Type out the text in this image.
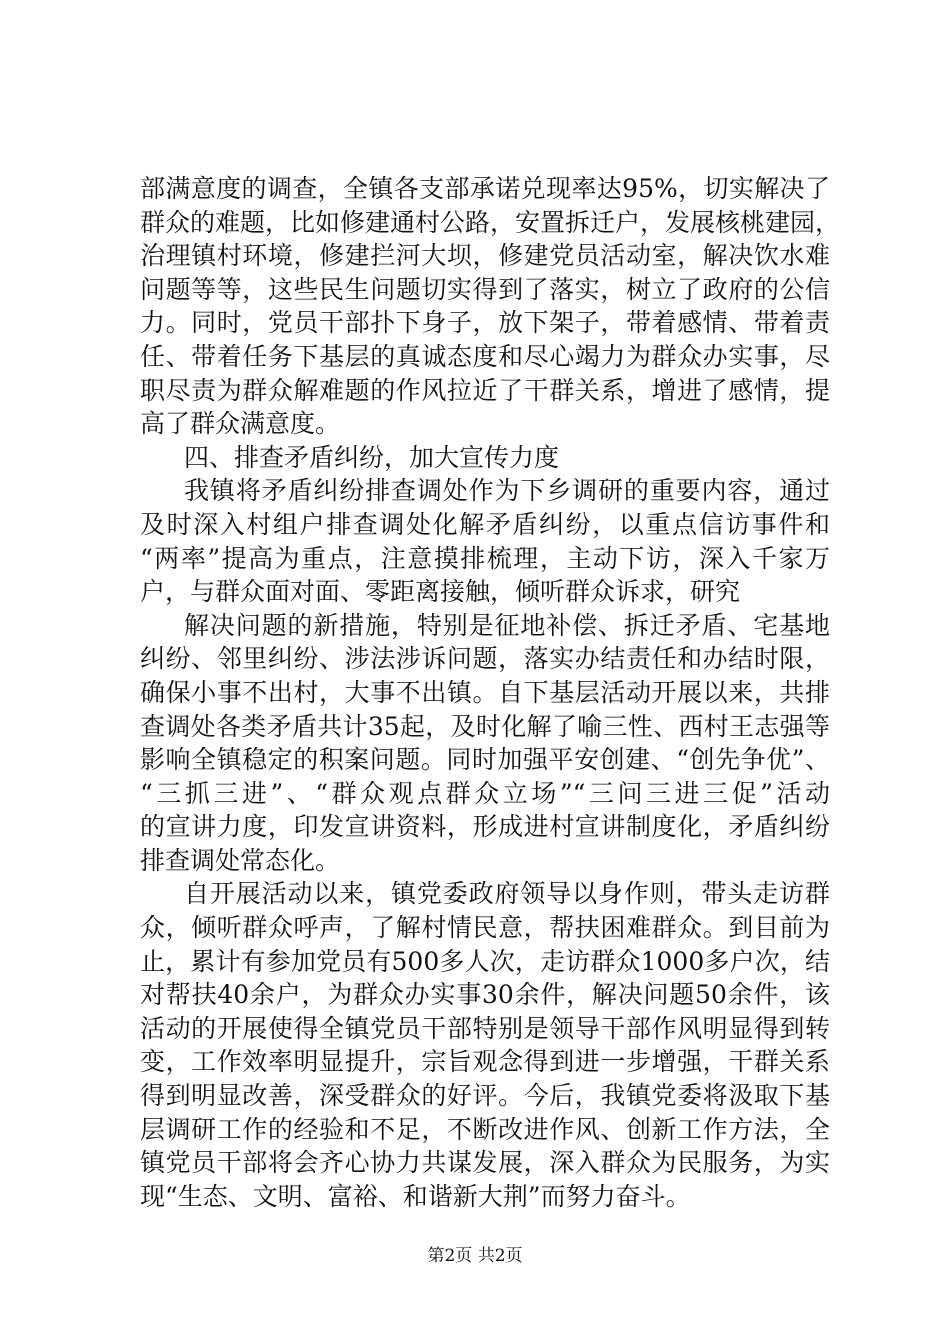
部满意度的调查，全镇各支部承诺兑现率达95%，切实解决了
群众的难题，比如修建通村公路，安置拆迁户，发展核桃建园，
治理镇村环境，修建拦河大坝，修建党员活动室，解决饮水难
问题等等，这些民生问题切实得到了落实，树立了政府的公信
力。同时，党员干部扑下身子，放下架子，带着感情、带着责
任、带着任务下基层的真诚态度和尽心竭力为群众办实事，尽
职尽责为群众解难题的作风拉近了干群关系，增进了感情，提
高了群众满意度。
四、排查矛盾纠纷，加大宣传力度
我镇将矛盾纠纷排查调处作为下乡调研的重要内容，通过
及时深入村组户排查调处化解矛盾纠纷，以重点信访事件和
“两率”提高为重点，注意摸排梳理，主动下访，深入千家万
户，与群众面对面、零距离接触，倾听群众诉求，研究
解决问题的新措施，特别是征地补偿、拆迁矛盾、宅基地
纠纷、邻里纠纷、涉法涉诉问题，落实办结责任和办结时限，
确保小事不出村，大事不出镇。自下基层活动开展以来，共排
查调处各类矛盾共计35起，及时化解了喻三性、西村王志强等
影响全镇稳定的积案问题。同时加强平安创建、“创先争优”、
“三抓三进”、“群众观点群众立场”“三问三进三促”活动
的宣讲力度，印发宣讲资料，形成进村宣讲制度化，矛盾纠纷
排查调处常态化。
自开展活动以来，镇党委政府领导以身作则，带头走访群
众，倾听群众呼声，了解村情民意，帮扶困难群众。到目前为
止，累计有参加党员有500多人次，走访群众1000多户次，结
对帮扶40余户，为群众办实事30余件，解决问题50余件，该
活动的开展使得全镇党员干部特别是领导干部作风明显得到转
变，工作效率明显提升，宗旨观念得到进一步增强，干群关系
得到明显改善，深受群众的好评。今后，我镇党委将汲取下基
层调研工作的经验和不足，不断改进作风、创新工作方法，全
镇党员干部将会齐心协力共谋发展，深入群众为民服务，为实
现“生态、文明、富裕、和谐新大荆”而努力奋斗。
第2页 共2页
